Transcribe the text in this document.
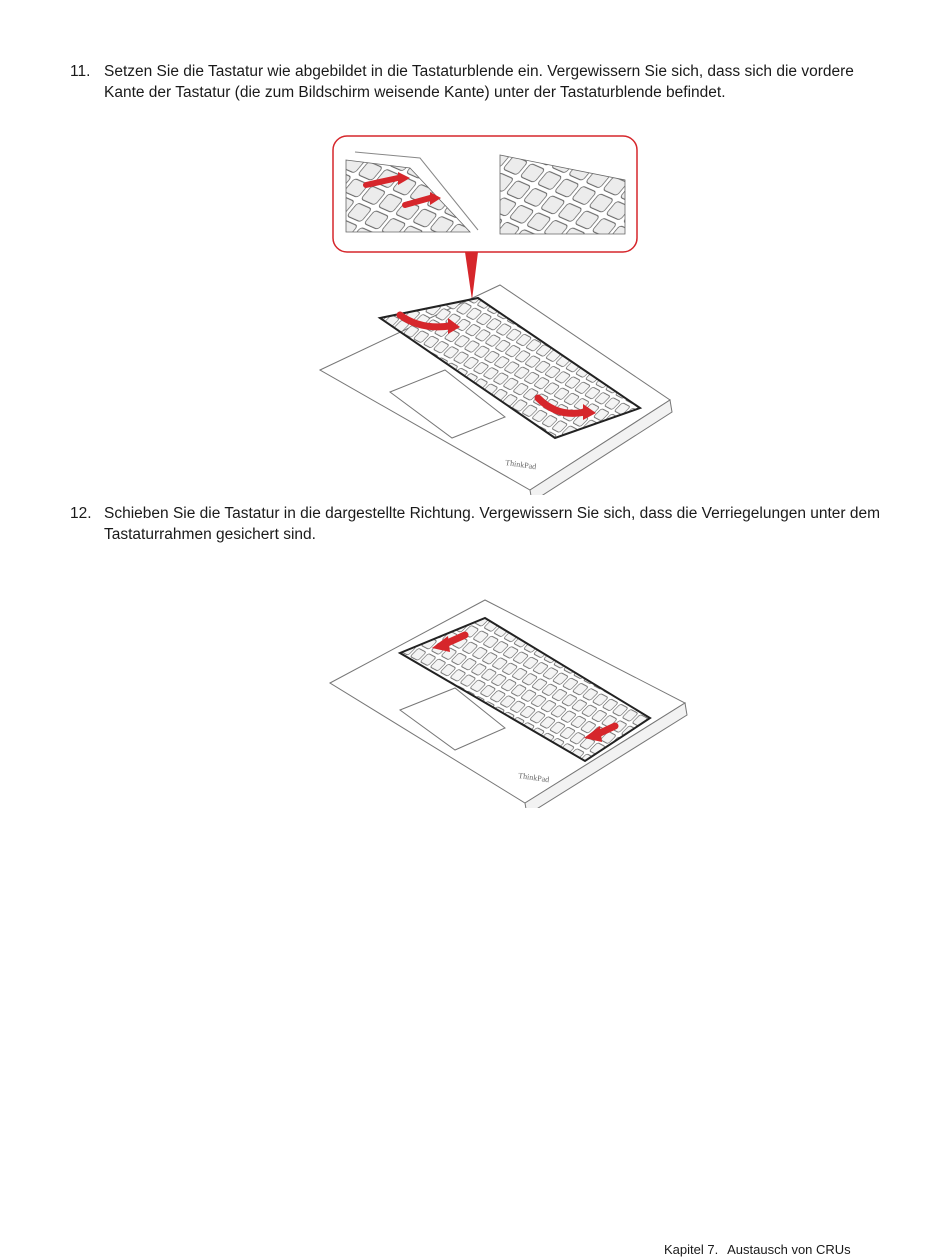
11. Setzen Sie die Tastatur wie abgebildet in die Tastaturblende ein. Vergewissern Sie sich, dass sich die vordere Kante der Tastatur (die zum Bildschirm weisende Kante) unter der Tastaturblende befindet.
ThinkPad
12. Schieben Sie die Tastatur in die dargestellte Richtung. Vergewissern Sie sich, dass die Verriegelungen unter dem Tastaturrahmen gesichert sind.
ThinkPad
Kapitel 7. Austausch von CRUs
